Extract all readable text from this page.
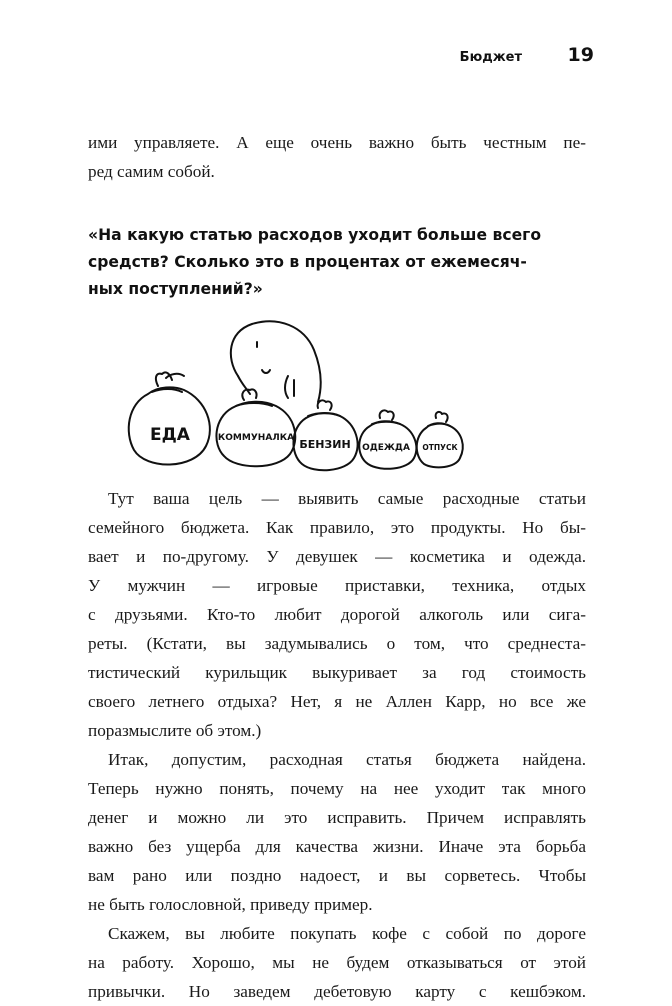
Бюджет 19
ими управляете. А еще очень важно быть честным пе-
ред самим собой.
«На какую статью расходов уходит больше всего
средств? Сколько это в процентах от ежемесяч-
ных поступлений?»
ЕДА	КОММУНАЛКА БЕНЗИН ОДЕЖДА ОТПУСК
Тут ваша цель — выявить самые расходные статьи
семейного бюджета. Как правило, это продукты. Но бы-
вает и по-другому. У девушек — косметика и одежда.
У мужчин — игровые приставки, техника, отдых
с друзьями. Кто-то любит дорогой алкоголь или сига-
реты. (Кстати, вы задумывались о том, что среднеста-
тистический курильщик выкуривает за год стоимость
своего летнего отдыха? Нет, я не Аллен Карр, но все же
поразмыслите об этом.)
Итак, допустим, расходная статья бюджета найдена.
Теперь нужно понять, почему на нее уходит так много
денег и можно ли это исправить. Причем исправлять
важно без ущерба для качества жизни. Иначе эта борьба
вам рано или поздно надоест, и вы сорветесь. Чтобы
не быть голословной, приведу пример.
Скажем, вы любите покупать кофе с собой по дороге
на работу. Хорошо, мы не будем отказываться от этой
привычки. Но заведем дебетовую карту с кешбэком.
